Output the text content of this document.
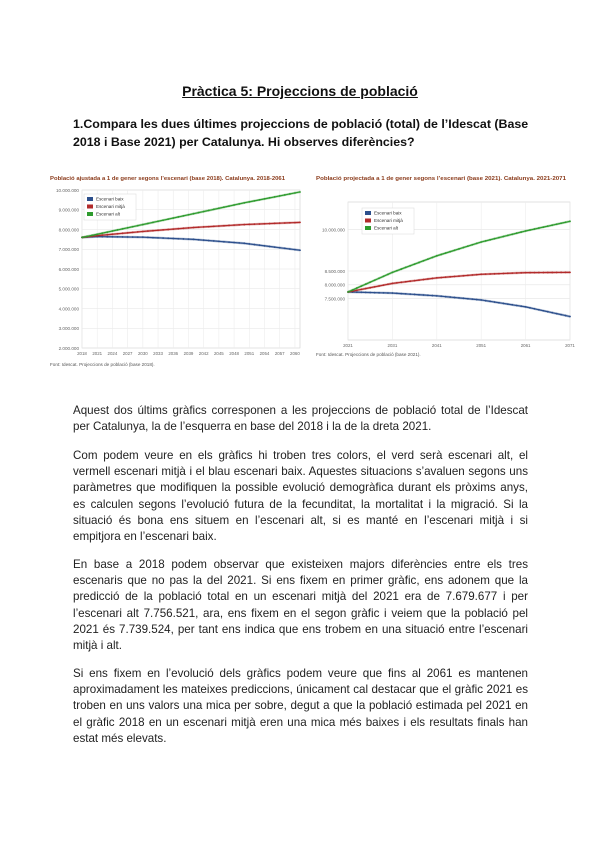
Pràctica 5: Projeccions de població
1.Compara les dues últimes projeccions de població (total) de l’Idescat (Base 2018 i Base 2021) per Catalunya. Hi observes diferències?
Població ajustada a 1 de gener segons l’escenari (base 2018). Catalunya. 2018-2061
2.000.000
3.000.000
4.000.000
5.000.000
6.000.000
7.000.000
8.000.000
9.000.000
10.000.000
2018 2021 2024 2027 2030 2033 2036 2039 2042 2045 2048 2051 2054 2057 2060
Escenari baix
Escenari mitjà
Escenari alt
Font: Idescat. Projeccions de població (base 2018).
Població projectada a 1 de gener segons l’escenari (base 2021). Catalunya. 2021-2071
7.500.000
8.000.000
8.500.000
10.000.000
2021	2031	2041	2051	2061	2071
Escenari baix
Escenari mitjà
Escenari alt
Font: Idescat. Projeccions de població (base 2021).

Aquest dos últims gràfics corresponen a les projeccions de població total de l’Idescat per Catalunya, la de l’esquerra en base del 2018 i la de la dreta 2021.

Com podem veure en els gràfics hi troben tres colors, el verd serà escenari alt, el vermell escenari mitjà i el blau escenari baix. Aquestes situacions s’avaluen segons uns paràmetres que modifiquen la possible evolució demogràfica durant els pròxims anys, es calculen segons l’evolució futura de la fecunditat, la mortalitat i la migració. Si la situació és bona ens situem en l’escenari alt, si es manté en l’escenari mitjà i si empitjora en l’escenari baix.

En base a 2018 podem observar que existeixen majors diferències entre els tres escenaris que no pas la del 2021. Si ens fixem en primer gràfic, ens adonem que la predicció de la població total en un escenari mitjà del 2021 era de 7.679.677 i per l’escenari alt 7.756.521, ara, ens fixem en el segon gràfic i veiem que la població pel 2021 és 7.739.524, per tant ens indica que ens trobem en una situació entre l’escenari mitjà i alt.

Si ens fixem en l’evolució dels gràfics podem veure que fins al 2061 es mantenen aproximadament les mateixes prediccions, únicament cal destacar que el gràfic 2021 es troben en uns valors una mica per sobre, degut a que la població estimada pel 2021 en el gràfic 2018 en un escenari mitjà eren una mica més baixes i els resultats finals han estat més elevats.
